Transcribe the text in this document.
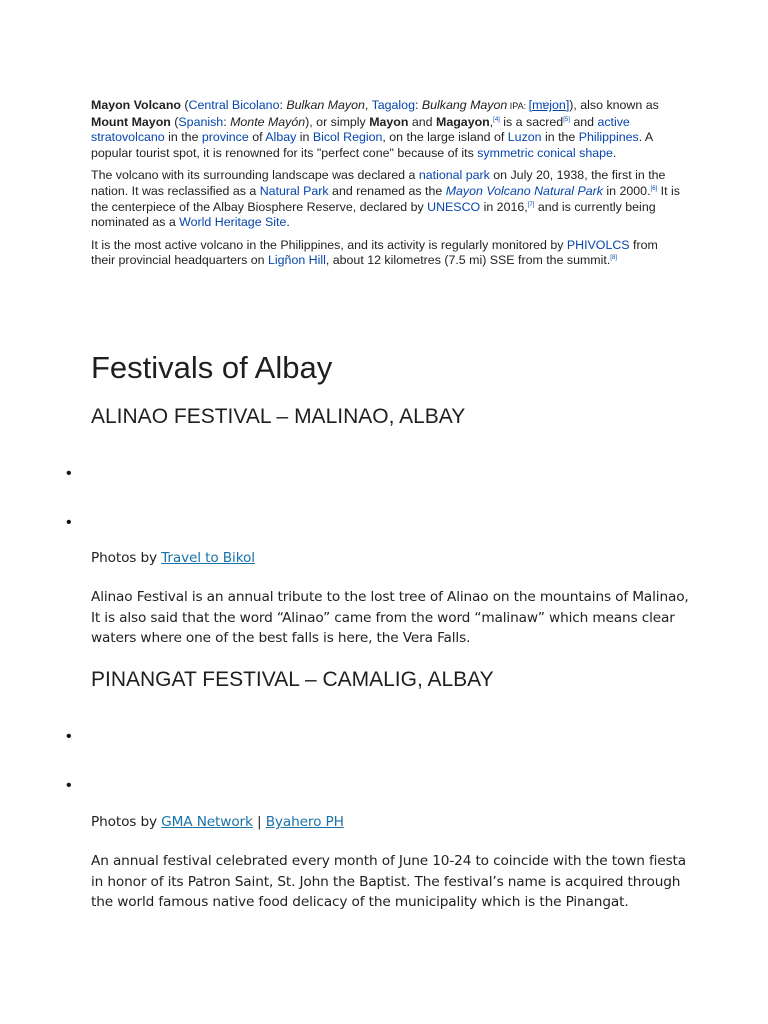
Mayon Volcano (Central Bicolano: Bulkan Mayon, Tagalog: Bulkang Mayon IPA: [mɐjon]), also known as Mount Mayon (Spanish: Monte Mayón), or simply Mayon and Magayon,[4] is a sacred[5] and active stratovolcano in the province of Albay in Bicol Region, on the large island of Luzon in the Philippines. A popular tourist spot, it is renowned for its "perfect cone" because of its symmetric conical shape.

The volcano with its surrounding landscape was declared a national park on July 20, 1938, the first in the nation. It was reclassified as a Natural Park and renamed as the Mayon Volcano Natural Park in 2000.[6] It is the centerpiece of the Albay Biosphere Reserve, declared by UNESCO in 2016,[7] and is currently being nominated as a World Heritage Site.

It is the most active volcano in the Philippines, and its activity is regularly monitored by PHIVOLCS from their provincial headquarters on Ligñon Hill, about 12 kilometres (7.5 mi) SSE from the summit.[8]

Festivals of Albay
ALINAO FESTIVAL – MALINAO, ALBAY
•
•

Photos by Travel to Bikol

Alinao Festival is an annual tribute to the lost tree of Alinao on the mountains of Malinao, It is also said that the word “Alinao” came from the word “malinaw” which means clear waters where one of the best falls is here, the Vera Falls.

PINANGAT FESTIVAL – CAMALIG, ALBAY
•
•

Photos by GMA Network | Byahero PH

An annual festival celebrated every month of June 10-24 to coincide with the town fiesta in honor of its Patron Saint, St. John the Baptist. The festival’s name is acquired through the world famous native food delicacy of the municipality which is the Pinangat.
